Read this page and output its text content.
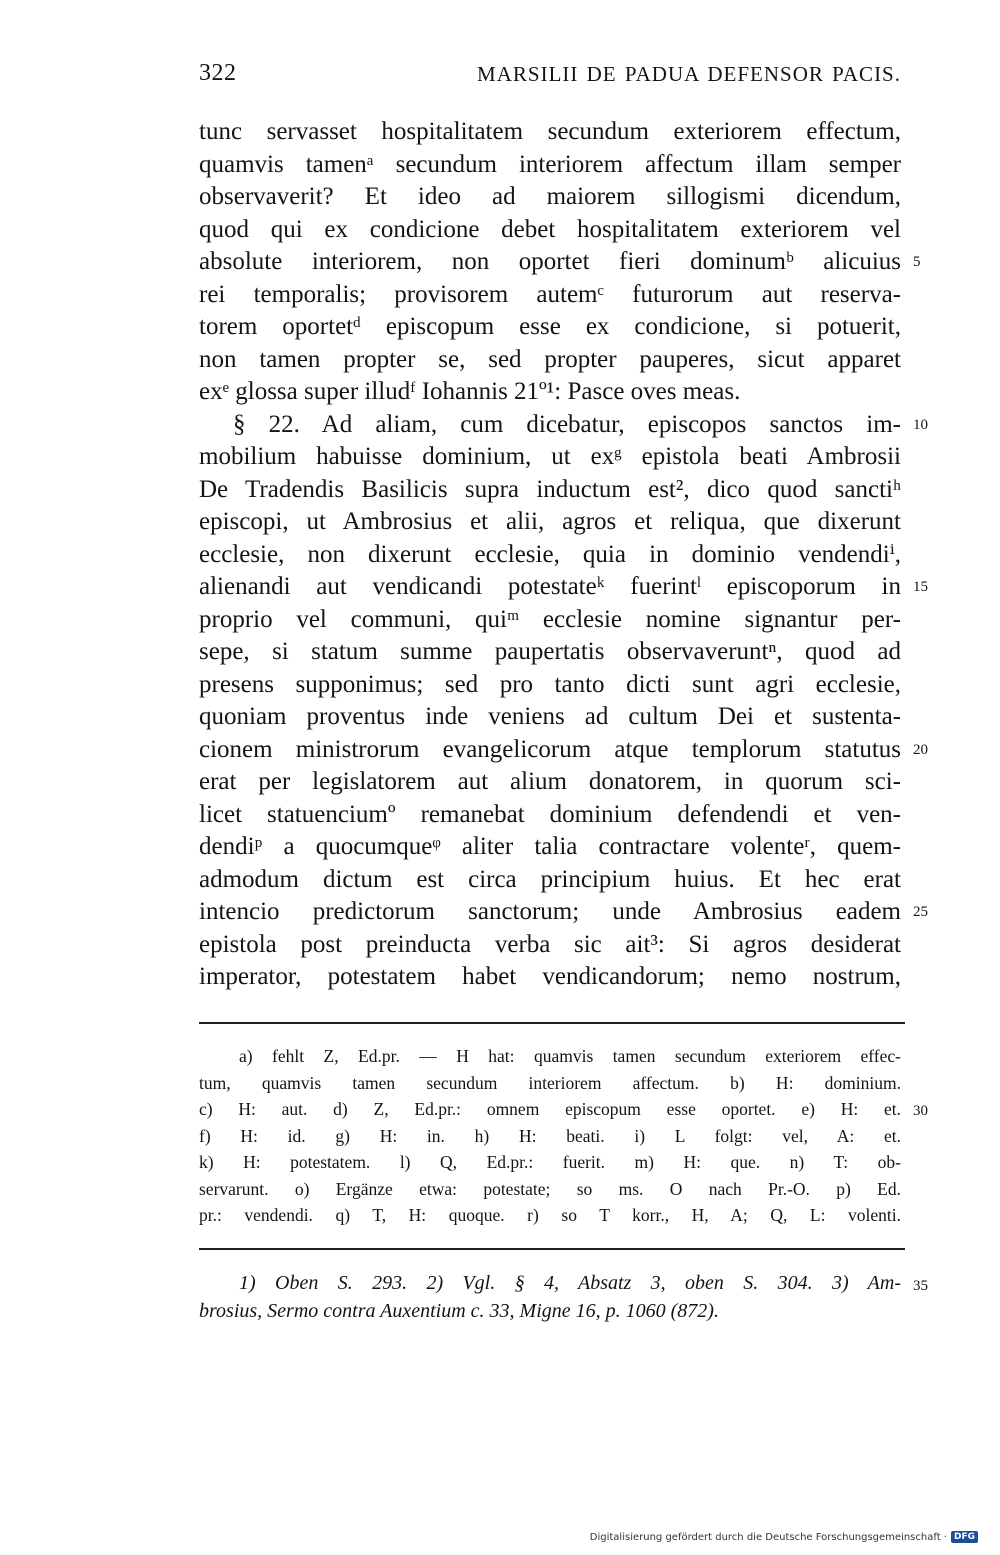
322	MARSILII DE PADUA DEFENSOR PACIS.
tunc servasset hospitalitatem secundum exteriorem effectum,
quamvis tamenᵃ secundum interiorem affectum illam semper
observaverit? Et ideo ad maiorem sillogismi dicendum,
quod qui ex condicione debet hospitalitatem exteriorem vel
absolute interiorem, non oportet fieri dominumᵇ alicuius 5
rei temporalis; provisorem autemᶜ futurorum aut reserva-
torem oportetᵈ episcopum esse ex condicione, si potuerit,
non tamen propter se, sed propter pauperes, sicut apparet
exᵉ glossa super illudᶠ Iohannis 21º¹: Pasce oves meas.
§ 22. Ad aliam, cum dicebatur, episcopos sanctos im- 10
mobilium habuisse dominium, ut exᵍ epistola beati Ambrosii
De Tradendis Basilicis supra inductum est², dico quod sanctiʰ
episcopi, ut Ambrosius et alii, agros et reliqua, que dixerunt
ecclesie, non dixerunt ecclesie, quia in dominio vendendiⁱ,
alienandi aut vendicandi potestateᵏ fuerintˡ episcoporum in 15
proprio vel communi, quiᵐ ecclesie nomine signantur per-
sepe, si statum summe paupertatis observaveruntⁿ, quod ad
presens supponimus; sed pro tanto dicti sunt agri ecclesie,
quoniam proventus inde veniens ad cultum Dei et sustenta-
cionem ministrorum evangelicorum atque templorum statutus 20
erat per legislatorem aut alium donatorem, in quorum sci-
licet statuenciumº remanebat dominium defendendi et ven-
dendiᵖ a quocumqueᵠ aliter talia contractare volenteʳ, quem-
admodum dictum est circa principium huius. Et hec erat
intencio predictorum sanctorum; unde Ambrosius eadem 25
epistola post preinducta verba sic ait³: Si agros desiderat
imperator, potestatem habet vendicandorum; nemo nostrum,
a) fehlt Z, Ed.pr. — H hat: quamvis tamen secundum exteriorem effec-
tum, quamvis tamen secundum interiorem affectum. b) H: dominium.
c) H: aut. d) Z, Ed.pr.: omnem episcopum esse oportet. e) H: et. 30
f) H: id. g) H: in. h) H: beati. i) L folgt: vel, A: et.
k) H: potestatem. l) Q, Ed.pr.: fuerit. m) H: que. n) T: ob-
servarunt. o) Ergänze etwa: potestate; so ms. O nach Pr.-O. p) Ed.
pr.: vendendi. q) T, H: quoque. r) so T korr., H, A; Q, L: volenti.
1) Oben S. 293. 2) Vgl. § 4, Absatz 3, oben S. 304. 3) Am- 35
brosius, Sermo contra Auxentium c. 33, Migne 16, p. 1060 (872).
Digitalisierung gefördert durch die Deutsche Forschungsgemeinschaft · DFG
